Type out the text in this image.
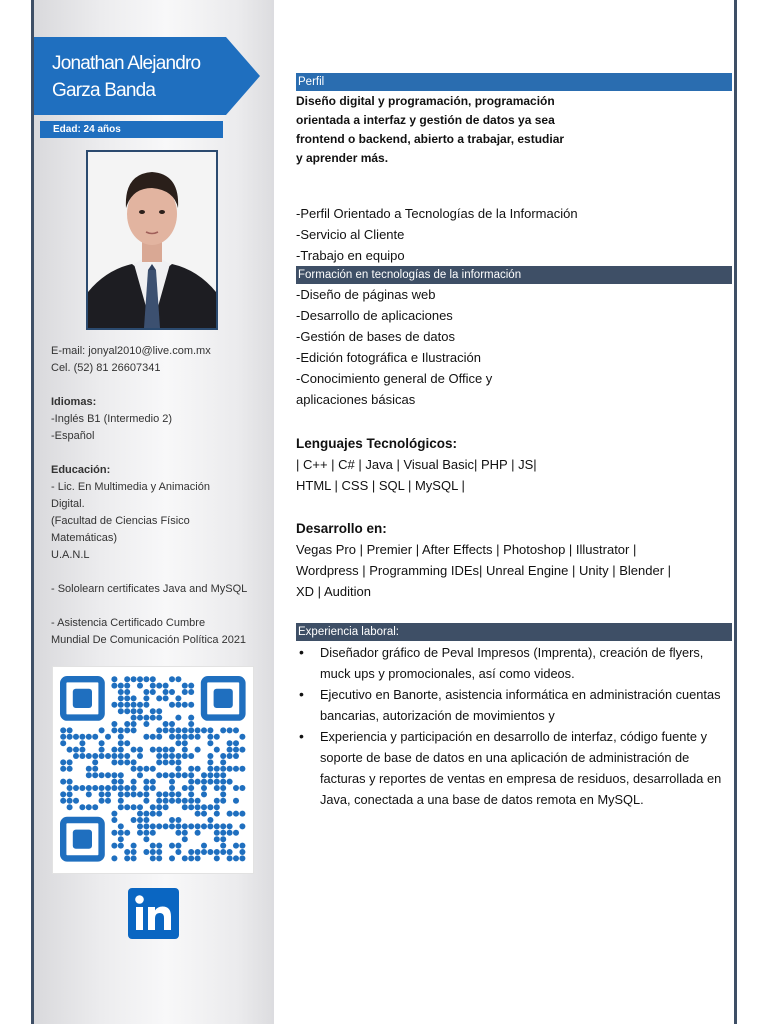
Jonathan Alejandro
Garza Banda
Edad: 24 años
E-mail: jonyal2010@live.com.mx
Cel. (52) 81 26607341
Idiomas:
-Inglés B1 (Intermedio 2)
-Español
Educación:
- Lic. En Multimedia y Animación
Digital.
(Facultad de Ciencias Físico
Matemáticas)
U.A.N.L
- Sololearn certificates Java and MySQL
- Asistencia Certificado Cumbre
Mundial De Comunicación Política 2021
Perfil
Diseño digital y programación, programación
orientada a interfaz y gestión de datos ya sea
frontend o backend, abierto a trabajar, estudiar
y aprender más.
-Perfil Orientado a Tecnologías de la Información
-Servicio al Cliente
-Trabajo en equipo
Formación en tecnologías de la información
-Diseño de páginas web
-Desarrollo de aplicaciones
-Gestión de bases de datos
-Edición fotográfica e Ilustración
-Conocimiento general de Office y
aplicaciones básicas
Lenguajes Tecnológicos:
| C++ | C# | Java | Visual Basic| PHP | JS|
HTML | CSS | SQL | MySQL |
Desarrollo en:
Vegas Pro | Premier | After Effects | Photoshop | Illustrator |
Wordpress | Programming IDEs| Unreal Engine | Unity | Blender |
XD | Audition
Experiencia laboral:
• Diseñador gráfico de Peval Impresos (Imprenta), creación de flyers, muck ups y promocionales, así como videos.
• Ejecutivo en Banorte, asistencia informática en administración cuentas bancarias, autorización de movimientos y
• Experiencia y participación en desarrollo de interfaz, código fuente y soporte de base de datos en una aplicación de administración de facturas y reportes de ventas en empresa de residuos, desarrollada en Java, conectada a una base de datos remota en MySQL.
